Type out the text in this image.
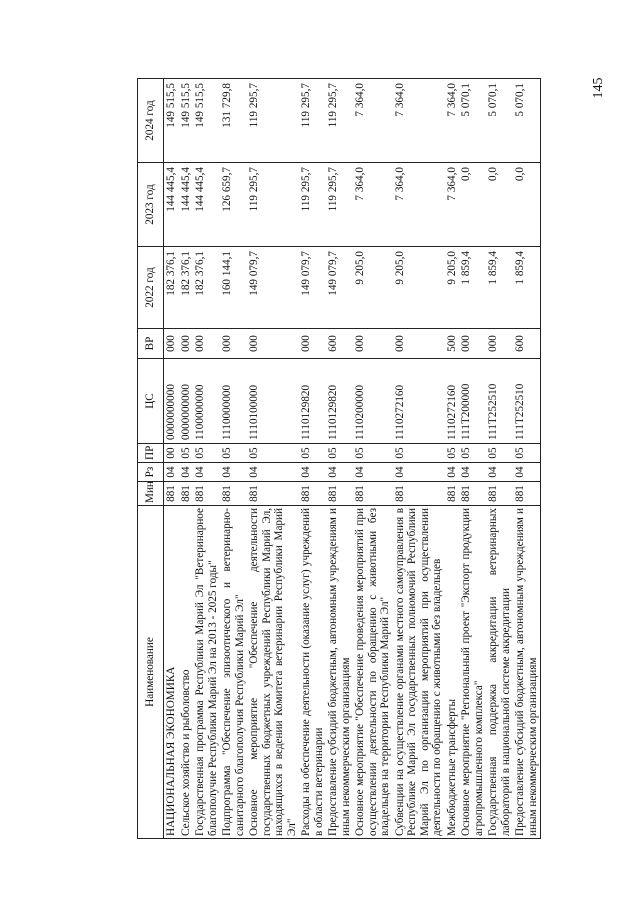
145
Наименование	Мин	Рз	ПР	ЦС	ВР	2022 год	2023 год	2024 год
НАЦИОНАЛЬНАЯ ЭКОНОМИКА	881	04	00	0000000000	000	182 376,1	144 445,4	149 515,5
Сельское хозяйство и рыболовство	881	04	05	0000000000	000	182 376,1	144 445,4	149 515,5
Государственная программа Республики Марий Эл "Ветеринарное благополучие Республики Марий Эл на 2013 - 2025 годы"	881	04	05	1100000000	000	182 376,1	144 445,4	149 515,5
Подпрограмма "Обеспечение эпизоотического и ветеринарно-санитарного благополучия Республики Марий Эл"	881	04	05	1110000000	000	160 144,1	126 659,7	131 729,8
Основное мероприятие "Обеспечение деятельности государственных бюджетных учреждений Республики Марий Эл, находящихся в ведении Комитета ветеринарии Республики Марий Эл"	881	04	05	1110100000	000	149 079,7	119 295,7	119 295,7
Расходы на обеспечение деятельности (оказание услуг) учреждений в области ветеринарии	881	04	05	1110129820	000	149 079,7	119 295,7	119 295,7
Предоставление субсидий бюджетным, автономным учреждениям и иным некоммерческим организациям	881	04	05	1110129820	600	149 079,7	119 295,7	119 295,7
Основное мероприятие "Обеспечение проведения мероприятий при осуществлении деятельности по обращению с животными без владельцев на территории Республики Марий Эл"	881	04	05	1110200000	000	9 205,0	7 364,0	7 364,0
Субвенции на осуществление органами местного самоуправления в Республике Марий Эл государственных полномочий Республики Марий Эл по организации мероприятий при осуществлении деятельности по обращению с животными без владельцев	881	04	05	1110272160	000	9 205,0	7 364,0	7 364,0
Межбюджетные трансферты	881	04	05	1110272160	500	9 205,0	7 364,0	7 364,0
Основное мероприятие "Региональный проект "Экспорт продукции агропромышленного комплекса"	881	04	05	111T200000	000	1 859,4	0,0	5 070,1
Государственная поддержка аккредитации ветеринарных лабораторий в национальной системе аккредитации	881	04	05	111T252510	000	1 859,4	0,0	5 070,1
Предоставление субсидий бюджетным, автономным учреждениям и иным некоммерческим организациям	881	04	05	111T252510	600	1 859,4	0,0	5 070,1
